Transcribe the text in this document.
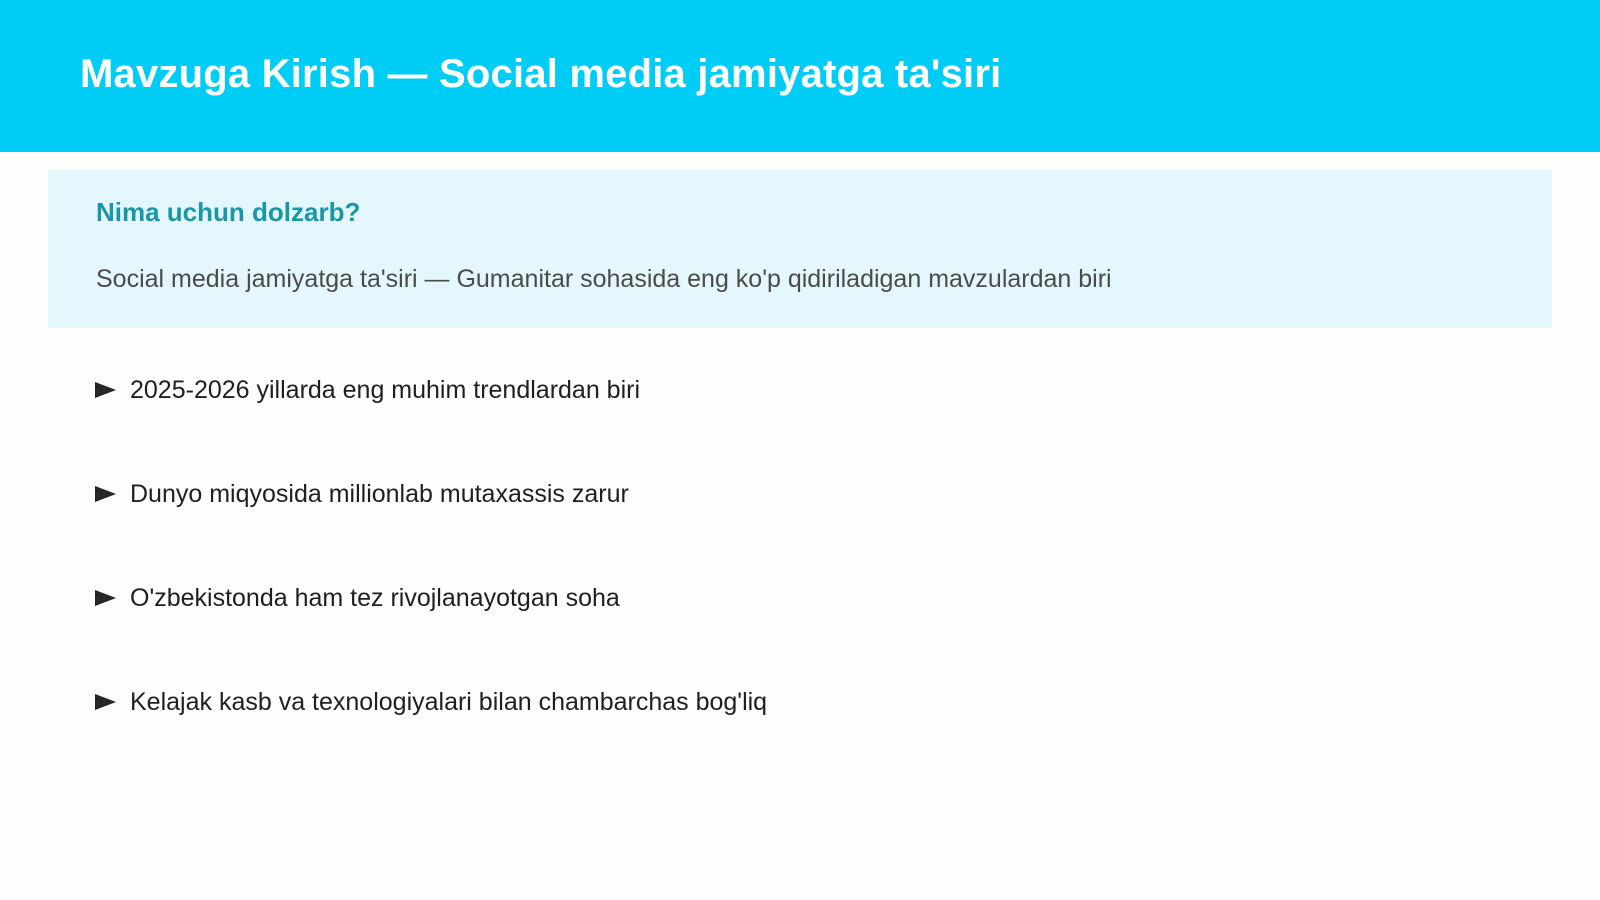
Mavzuga Kirish — Social media jamiyatga ta'siri
Nima uchun dolzarb?

Social media jamiyatga ta'siri — Gumanitar sohasida eng ko'p qidiriladigan mavzulardan biri

2025-2026 yillarda eng muhim trendlardan biri
Dunyo miqyosida millionlab mutaxassis zarur
O'zbekistonda ham tez rivojlanayotgan soha
Kelajak kasb va texnologiyalari bilan chambarchas bog'liq
